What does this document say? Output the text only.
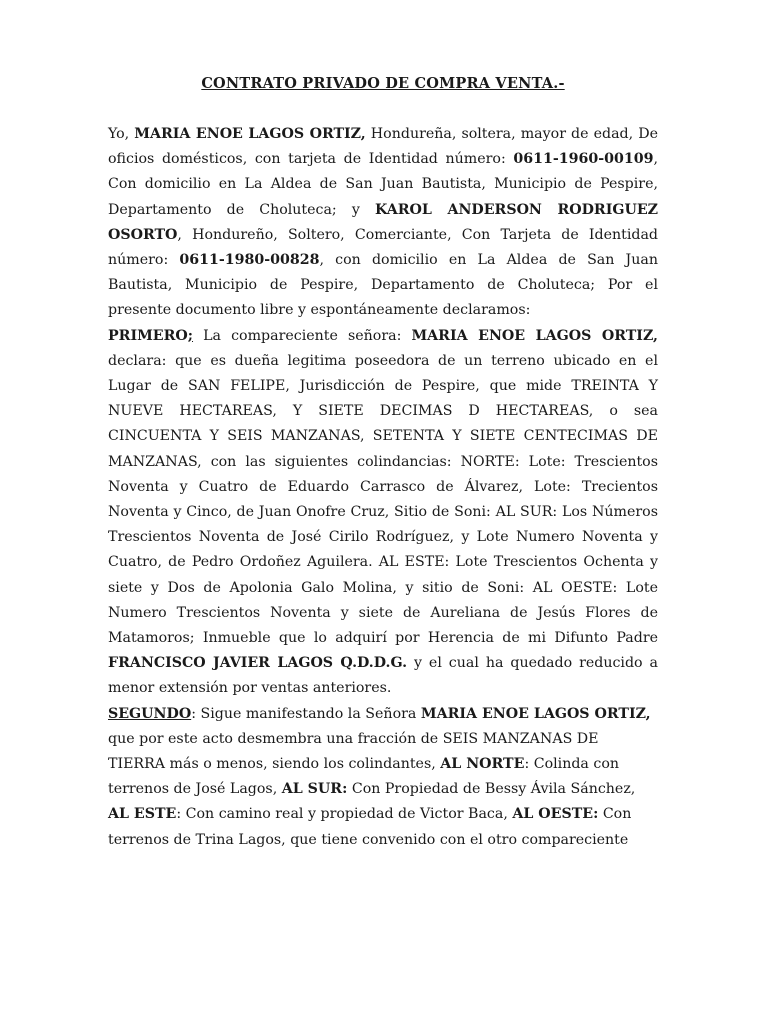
CONTRATO PRIVADO DE COMPRA VENTA.-

Yo, MARIA ENOE LAGOS ORTIZ, Hondureña, soltera, mayor de edad, De oficios domésticos, con tarjeta de Identidad número: 0611-1960-00109, Con domicilio en La Aldea de San Juan Bautista, Municipio de Pespire, Departamento de Choluteca; y KAROL ANDERSON RODRIGUEZ OSORTO, Hondureño, Soltero, Comerciante, Con Tarjeta de Identidad número: 0611-1980-00828, con domicilio en La Aldea de San Juan Bautista, Municipio de Pespire, Departamento de Choluteca; Por el presente documento libre y espontáneamente declaramos:

PRIMERO; La compareciente señora: MARIA ENOE LAGOS ORTIZ, declara: que es dueña legitima poseedora de un terreno ubicado en el Lugar de SAN FELIPE, Jurisdicción de Pespire, que mide TREINTA Y NUEVE HECTAREAS, Y SIETE DECIMAS D HECTAREAS, o sea CINCUENTA Y SEIS MANZANAS, SETENTA Y SIETE CENTECIMAS DE MANZANAS, con las siguientes colindancias: NORTE: Lote: Trescientos Noventa y Cuatro de Eduardo Carrasco de Álvarez, Lote: Trecientos Noventa y Cinco, de Juan Onofre Cruz, Sitio de Soni: AL SUR: Los Números Trescientos Noventa de José Cirilo Rodríguez, y Lote Numero Noventa y Cuatro, de Pedro Ordoñez Aguilera. AL ESTE: Lote Trescientos Ochenta y siete y Dos de Apolonia Galo Molina, y sitio de Soni: AL OESTE: Lote Numero Trescientos Noventa y siete de Aureliana de Jesús Flores de Matamoros; Inmueble que lo adquirí por Herencia de mi Difunto Padre FRANCISCO JAVIER LAGOS Q.D.D.G. y el cual ha quedado reducido a menor extensión por ventas anteriores.

SEGUNDO: Sigue manifestando la Señora MARIA ENOE LAGOS ORTIZ, que por este acto desmembra una fracción de SEIS MANZANAS DE TIERRA más o menos, siendo los colindantes, AL NORTE: Colinda con terrenos de José Lagos, AL SUR: Con Propiedad de Bessy Ávila Sánchez, AL ESTE: Con camino real y propiedad de Victor Baca, AL OESTE: Con terrenos de Trina Lagos, que tiene convenido con el otro compareciente
